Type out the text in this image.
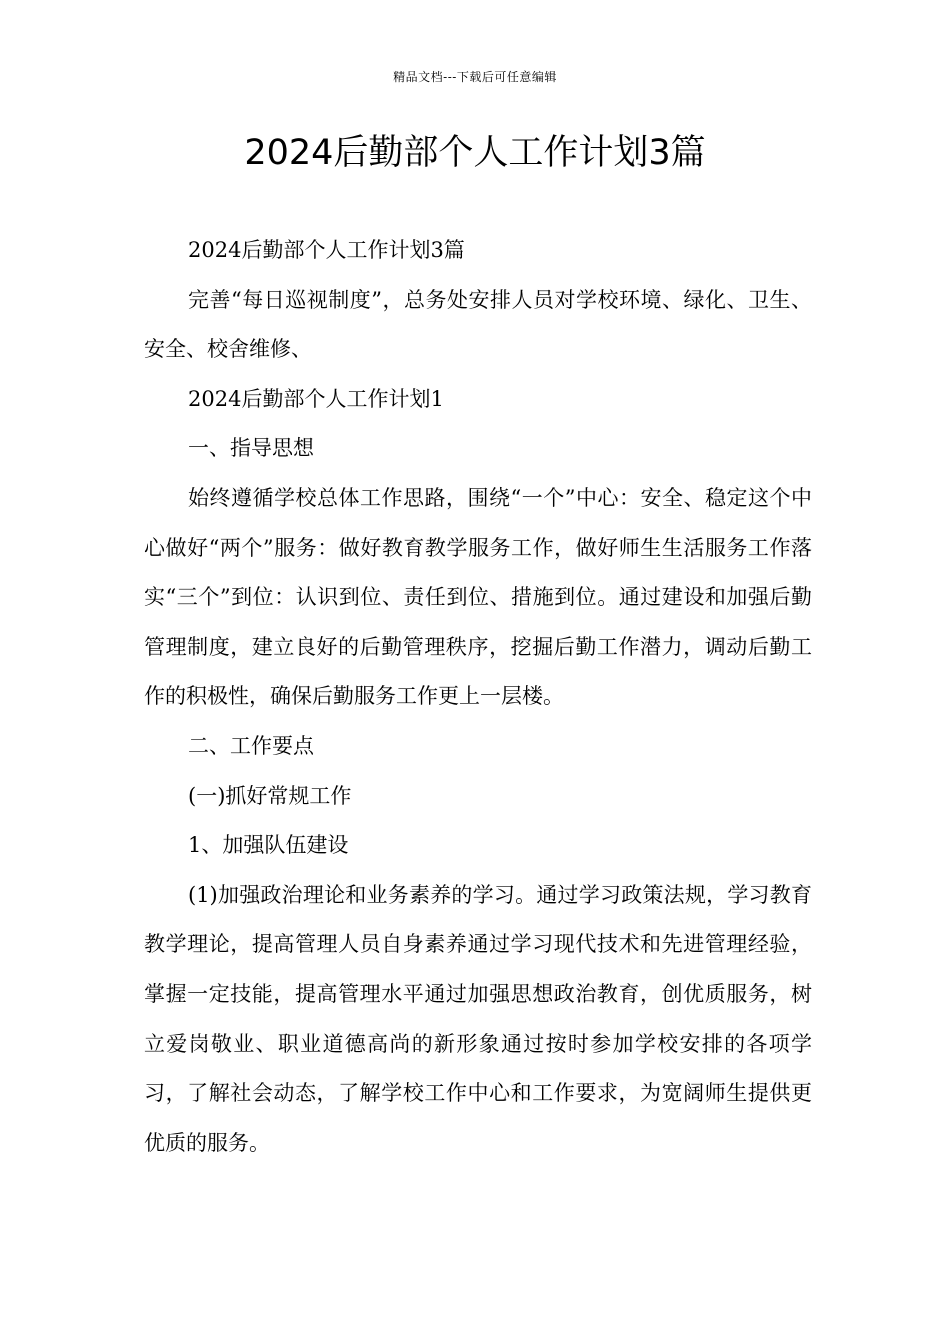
精品文档---下载后可任意编辑
2024后勤部个人工作计划3篇

2024后勤部个人工作计划3篇

完善“每日巡视制度”，总务处安排人员对学校环境、绿化、卫生、安全、校舍维修、

2024后勤部个人工作计划1

一、指导思想

始终遵循学校总体工作思路，围绕“一个”中心：安全、稳定这个中心做好“两个”服务：做好教育教学服务工作，做好师生生活服务工作落实“三个”到位：认识到位、责任到位、措施到位。通过建设和加强后勤管理制度，建立良好的后勤管理秩序，挖掘后勤工作潜力，调动后勤工作的积极性，确保后勤服务工作更上一层楼。

二、工作要点

(一)抓好常规工作

1、加强队伍建设

(1)加强政治理论和业务素养的学习。通过学习政策法规，学习教育教学理论，提高管理人员自身素养通过学习现代技术和先进管理经验，掌握一定技能，提高管理水平通过加强思想政治教育，创优质服务，树立爱岗敬业、职业道德高尚的新形象通过按时参加学校安排的各项学习，了解社会动态，了解学校工作中心和工作要求，为宽阔师生提供更优质的服务。
